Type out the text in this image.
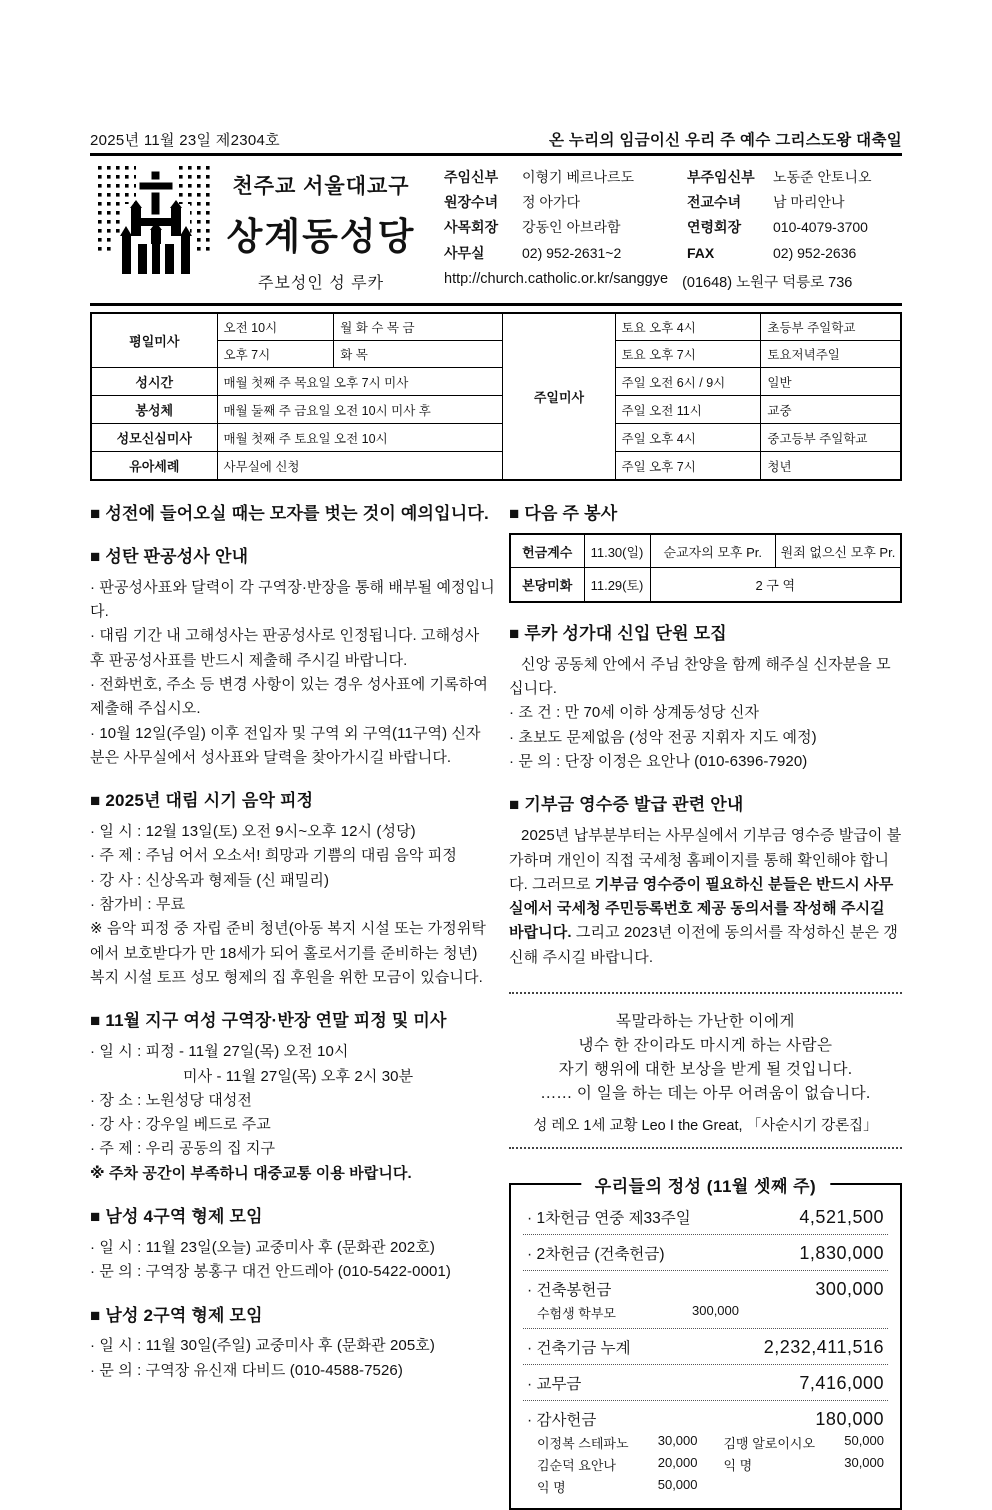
2025년 11월 23일 제2304호	온 누리의 임금이신 우리 주 예수 그리스도왕 대축일
천주교 서울대교구
상계동성당
주보성인 성 루카
주임신부	이형기 베르나르도	부주임신부	노동준 안토니오
원장수녀	정 아가다	전교수녀	남 마리안나
사목회장	강동인 아브라함	연령회장	010-4079-3700
사무실	02) 952-2631~2	FAX	02) 952-2636
http://church.catholic.or.kr/sanggye (01648) 노원구 덕릉로 736
평일미사	오전 10시	월 화 수 목 금	주일미사	토요 오후 4시	초등부 주일학교
	오후 7시	화 목		토요 오후 7시	토요저녁주일
성시간	매월 첫째 주 목요일 오후 7시 미사			주일 오전 6시 / 9시	일반
봉성체	매월 둘째 주 금요일 오전 10시 미사 후			주일 오전 11시	교중
성모신심미사	매월 첫째 주 토요일 오전 10시			주일 오후 4시	중고등부 주일학교
유아세례	사무실에 신청			주일 오후 7시	청년
■ 성전에 들어오실 때는 모자를 벗는 것이 예의입니다.
■ 성탄 판공성사 안내
· 판공성사표와 달력이 각 구역장·반장을 통해 배부될 예정입니다.
· 대림 기간 내 고해성사는 판공성사로 인정됩니다. 고해성사 후 판공성사표를 반드시 제출해 주시길 바랍니다.
· 전화번호, 주소 등 변경 사항이 있는 경우 성사표에 기록하여 제출해 주십시오.
· 10월 12일(주일) 이후 전입자 및 구역 외 구역(11구역) 신자분은 사무실에서 성사표와 달력을 찾아가시길 바랍니다.
■ 2025년 대림 시기 음악 피정
· 일 시 : 12월 13일(토) 오전 9시~오후 12시 (성당)
· 주 제 : 주님 어서 오소서! 희망과 기쁨의 대림 음악 피정
· 강 사 : 신상옥과 형제들 (신 패밀리)
· 참가비 : 무료
※ 음악 피정 중 자립 준비 청년(아동 복지 시설 또는 가정위탁에서 보호받다가 만 18세가 되어 홀로서기를 준비하는 청년) 복지 시설 토프 성모 형제의 집 후원을 위한 모금이 있습니다.
■ 11월 지구 여성 구역장·반장 연말 피정 및 미사
· 일 시 : 피정 - 11월 27일(목) 오전 10시
미사 - 11월 27일(목) 오후 2시 30분
· 장 소 : 노원성당 대성전
· 강 사 : 강우일 베드로 주교
· 주 제 : 우리 공동의 집 지구
※ 주차 공간이 부족하니 대중교통 이용 바랍니다.
■ 남성 4구역 형제 모임
· 일 시 : 11월 23일(오늘) 교중미사 후 (문화관 202호)
· 문 의 : 구역장 봉홍구 대건 안드레아 (010-5422-0001)
■ 남성 2구역 형제 모임
· 일 시 : 11월 30일(주일) 교중미사 후 (문화관 205호)
· 문 의 : 구역장 유신재 다비드 (010-4588-7526)
■ 다음 주 봉사
헌금계수	11.30(일)	순교자의 모후 Pr.	원죄 없으신 모후 Pr.
본당미화	11.29(토)	2 구 역	
■ 루카 성가대 신입 단원 모집
신앙 공동체 안에서 주님 찬양을 함께 해주실 신자분을 모십니다.
· 조 건 : 만 70세 이하 상계동성당 신자
· 초보도 문제없음 (성악 전공 지휘자 지도 예정)
· 문 의 : 단장 이정은 요안나 (010-6396-7920)
■ 기부금 영수증 발급 관련 안내
2025년 납부분부터는 사무실에서 기부금 영수증 발급이 불가하며 개인이 직접 국세청 홈페이지를 통해 확인해야 합니다. 그러므로 기부금 영수증이 필요하신 분들은 반드시 사무실에서 국세청 주민등록번호 제공 동의서를 작성해 주시길 바랍니다. 그리고 2023년 이전에 동의서를 작성하신 분은 갱신해 주시길 바랍니다.
목말라하는 가난한 이에게
냉수 한 잔이라도 마시게 하는 사람은
자기 행위에 대한 보상을 받게 될 것입니다.
…… 이 일을 하는 데는 아무 어려움이 없습니다.
성 레오 1세 교황 Leo Ⅰ the Great, 「사순시기 강론집」
우리들의 정성 (11월 셋째 주)
· 1차헌금 연중 제33주일	4,521,500
· 2차헌금 (건축헌금)	1,830,000
· 건축봉헌금	300,000
수험생 학부모	300,000
· 건축기금 누계	2,232,411,516
· 교무금	7,416,000
· 감사헌금	180,000
이정복 스테파노 30,000 김맹 알로이시오 50,000
김순덕 요안나	20,000 익 명	30,000
익 명	50,000
